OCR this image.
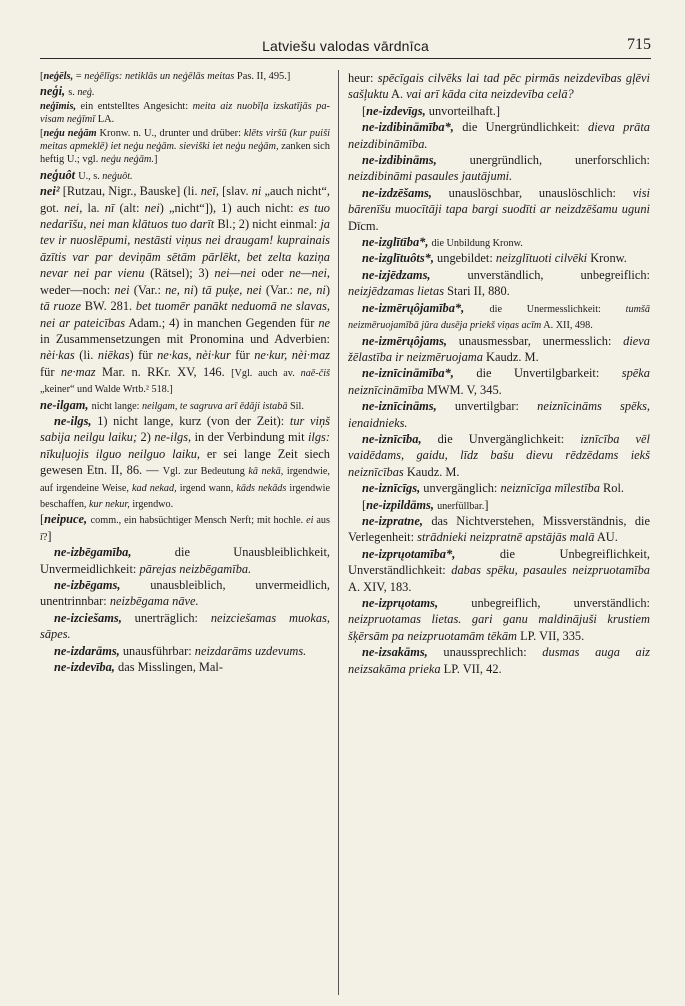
Latviešu valodas vārdnīca	715

[neģēls, = neģēlīgs: netiklās un neģēlās meitas Pas. II, 495.]

neģi, s. neģ.

neģīmis, ein entstelltes Angesicht: meita aiz nuobīļa izskatījās pa-visam neģīmī LA.

[neģu neģām Kronw. n. U., drunter und drüber: klēts viršū (kur puiši meitas apmeklē) iet neģu neģām. sieviški iet neģu neģām, zanken sich heftig U.; vgl. neģu neģām.]

neģuôt U., s. neģuôt.

nei² [Rutzau, Nigr., Bauske] (li. neī, [slav. ni „auch nicht“, got. nei, la. nī (alt: nei) „nicht“]), 1) auch nicht: es tuo nedarīšu, nei man klātuos tuo darīt Bl.; 2) nicht einmal: ja tev ir nuoslēpumi, nestāsti viņus nei draugam! kuprainais āzītis var par deviņām sētām pārlēkt, bet zelta kaziņa nevar nei par vienu (Rätsel); 3) nei—nei oder ne—nei, weder—noch: nei (Var.: ne, ni) tā puķe, nei (Var.: ne, ni) tā ruoze BW. 281. bet tuomēr panākt neduomā ne slavas, nei ar pateicības Adam.; 4) in manchen Gegenden für ne in Zusammensetzungen mit Pronomina und Adverbien: nèi·kas (li. niēkas) für ne·kas, nèi·kur für ne·kur, nèi·maz für ne·maz Mar. n. RKr. XV, 146. [Vgl. auch av. naē-čiš „keiner“ und Walde Wrtb.² 518.]

ne-ilgam, nicht lange: neilgam, te sagruva arī ēdāji istabā Sil.

ne-ilgs, 1) nicht lange, kurz (von der Zeit): tur viņš sabija neilgu laiku; 2) ne-ilgs, in der Verbindung mit ilgs: nīkuļuojis ilguo neilguo laiku, er sei lange Zeit siech gewesen Etn. II, 86. — Vgl. zur Bedeutung kā nekā, irgendwie, auf irgendeine Weise, kad nekad, irgend wann, kāds nekāds irgendwie beschaffen, kur nekur, irgendwo.

[neipuce, comm., ein habsüchtiger Mensch Nerft; mit hochle. ei aus ī?]

ne-izbēgamība, die Unausbleiblichkeit, Unvermeidlichkeit: pārejas neizbēgamība.

ne-izbēgams, unausbleiblich, unvermeidlich, unentrinnbar: neizbēgama nāve.

ne-izciešams, unerträglich: neizciešamas muokas, sāpes.

ne-izdarāms, unausführbar: neizdarāms uzdevums.

ne-izdevība, das Misslingen, Mal-

heur: spēcīgais cilvēks lai tad pēc pirmās neizdevības gļēvi sašļuktu A. vai arī kāda cita neizdevība celā?

[ne-izdevīgs, unvorteilhaft.]

ne-izdibināmība*, die Unergründlichkeit: dieva prāta neizdibināmība.

ne-izdibināms, unergründlich, unerforschlich: neizdibināmi pasaules jautājumi.

ne-izdzēšams, unauslöschbar, unauslöschlich: visi bārenīšu muocītāji tapa bargi suodīti ar neizdzēšamu uguni Dīcm.

ne-izglītība*, die Unbildung Kronw.

ne-izglītuôts*, ungebildet: neizglītuoti cilvēki Kronw.

ne-izjēdzams, unverständlich, unbegreiflich: neizjēdzamas lietas Stari II, 880.

ne-izmērųôjamība*, die Unermesslichkeit: tumšā neizmēruojamībā jūra dusēja priekš viņas acīm A. XII, 498.

ne-izmērųôjams, unausmessbar, unermesslich: dieva žēlastība ir neizmēruojama Kaudz. M.

ne-iznīcināmība*, die Unvertilgbarkeit: spēka neiznīcināmība MWM. V, 345.

ne-iznīcināms, unvertilgbar: neiznīcināms spēks, ienaidnieks.

ne-iznīcība, die Unvergänglichkeit: iznīcība vēl vaidēdams, gaidu, līdz bašu dievu rēdzēdams iekš neiznīcības Kaudz. M.

ne-iznīcīgs, unvergänglich: neiznīcīga mīlestība Rol.

[ne-izpildāms, unerfüllbar.]

ne-izpratne, das Nichtverstehen, Missverständnis, die Verlegenheit: strādnieki neizpratnē apstājās malā AU.

ne-izprųotamība*, die Unbegreiflichkeit, Unverständlichkeit: dabas spēku, pasaules neizpruotamība A. XIV, 183.

ne-izprųotams, unbegreiflich, unverständlich: neizpruotamas lietas. gari ganu maldinājuši krustiem šķērsām pa neizpruotamām tēkām LP. VII, 335.

ne-izsakāms, unaussprechlich: dusmas auga aiz neizsakāma prieka LP. VII, 42.
